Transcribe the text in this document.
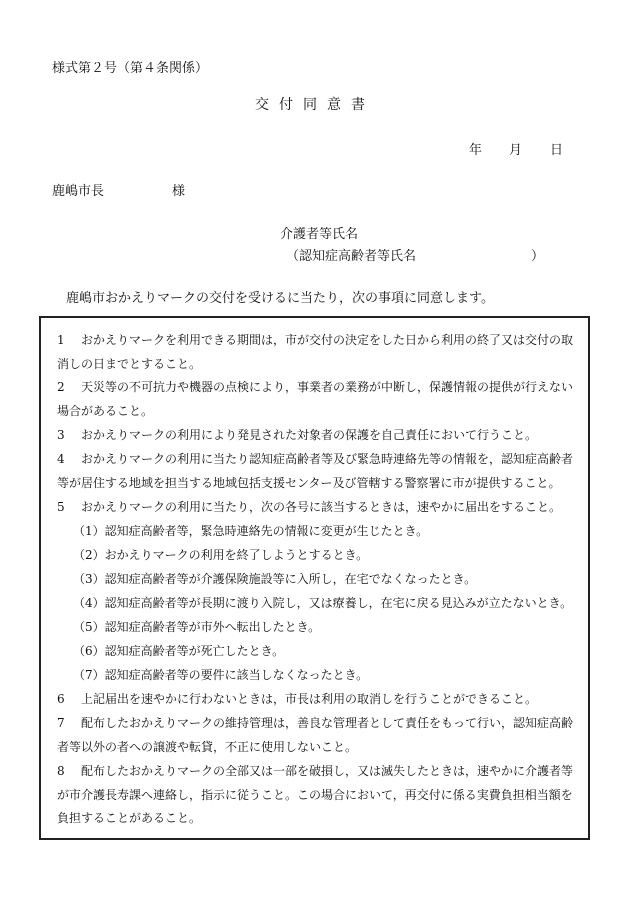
様式第２号（第４条関係）
交付同意書
年 月 日
鹿嶋市長	様
介護者等氏名
（認知症高齢者等氏名	）
鹿嶋市おかえりマークの交付を受けるに当たり，次の事項に同意します。
1 おかえりマークを利用できる期間は，市が交付の決定をした日から利用の終了又は交付の取消しの日までとすること。
2 天災等の不可抗力や機器の点検により，事業者の業務が中断し，保護情報の提供が行えない場合があること。
3 おかえりマークの利用により発見された対象者の保護を自己責任において行うこと。
4 おかえりマークの利用に当たり認知症高齢者等及び緊急時連絡先等の情報を，認知症高齢者等が居住する地域を担当する地域包括支援センター及び管轄する警察署に市が提供すること。
5 おかえりマークの利用に当たり，次の各号に該当するときは，速やかに届出をすること。
（1）認知症高齢者等，緊急時連絡先の情報に変更が生じたとき。
（2）おかえりマークの利用を終了しようとするとき。
（3）認知症高齢者等が介護保険施設等に入所し，在宅でなくなったとき。
（4）認知症高齢者等が長期に渡り入院し，又は療養し，在宅に戻る見込みが立たないとき。
（5）認知症高齢者等が市外へ転出したとき。
（6）認知症高齢者等が死亡したとき。
（7）認知症高齢者等の要件に該当しなくなったとき。
6 上記届出を速やかに行わないときは，市長は利用の取消しを行うことができること。
7 配布したおかえりマークの維持管理は，善良な管理者として責任をもって行い，認知症高齢者等以外の者への譲渡や転貸，不正に使用しないこと。
8 配布したおかえりマークの全部又は一部を破損し，又は滅失したときは，速やかに介護者等が市介護長寿課へ連絡し，指示に従うこと。この場合において，再交付に係る実費負担相当額を負担することがあること。
